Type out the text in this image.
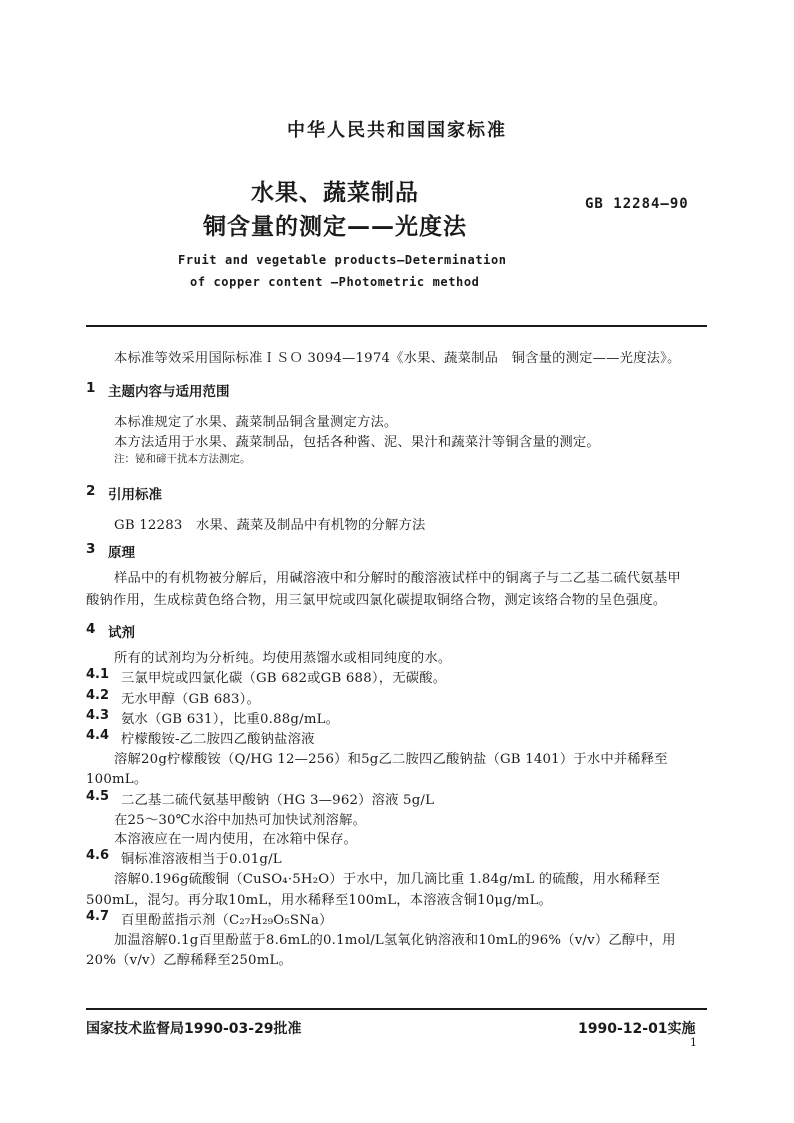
中华人民共和国国家标准
水果、蔬菜制品
铜含量的测定——光度法
GB 12284—90
Fruit and vegetable products—Determination
of copper content —Photometric method
本标准等效采用国际标准ＩＳＯ 3094—1974《水果、蔬菜制品　铜含量的测定——光度法》。
1 主题内容与适用范围
本标准规定了水果、蔬菜制品铜含量测定方法。
本方法适用于水果、蔬菜制品，包括各种酱、泥、果汁和蔬菜汁等铜含量的测定。
注：铋和碲干扰本方法测定。
2 引用标准
GB 12283　水果、蔬菜及制品中有机物的分解方法
3 原理
样品中的有机物被分解后，用碱溶液中和分解时的酸溶液试样中的铜离子与二乙基二硫代氨基甲
酸钠作用，生成棕黄色络合物，用三氯甲烷或四氯化碳提取铜络合物，测定该络合物的呈色强度。
4 试剂
所有的试剂均为分析纯。均使用蒸馏水或相同纯度的水。
4.1 三氯甲烷或四氯化碳（GB 682或GB 688），无碳酸。
4.2 无水甲醇（GB 683）。
4.3 氨水（GB 631），比重0.88g/mL。
4.4 柠檬酸铵-乙二胺四乙酸钠盐溶液
溶解20g柠檬酸铵（Q/HG 12—256）和5g乙二胺四乙酸钠盐（GB 1401）于水中并稀释至
100mL。
4.5 二乙基二硫代氨基甲酸钠（HG 3—962）溶液 5g/L
在25～30℃水浴中加热可加快试剂溶解。
本溶液应在一周内使用，在冰箱中保存。
4.6 铜标准溶液相当于0.01g/L
溶解0.196g硫酸铜（CuSO₄·5H₂O）于水中，加几滴比重 1.84g/mL 的硫酸，用水稀释至
500mL，混匀。再分取10mL，用水稀释至100mL，本溶液含铜10μg/mL。
4.7 百里酚蓝指示剂（C₂₇H₂₉O₅SNa）
加温溶解0.1g百里酚蓝于8.6mL的0.1mol/L氢氧化钠溶液和10mL的96%（v/v）乙醇中，用
20%（v/v）乙醇稀释至250mL。
国家技术监督局1990-03-29批准	1990-12-01实施
1
